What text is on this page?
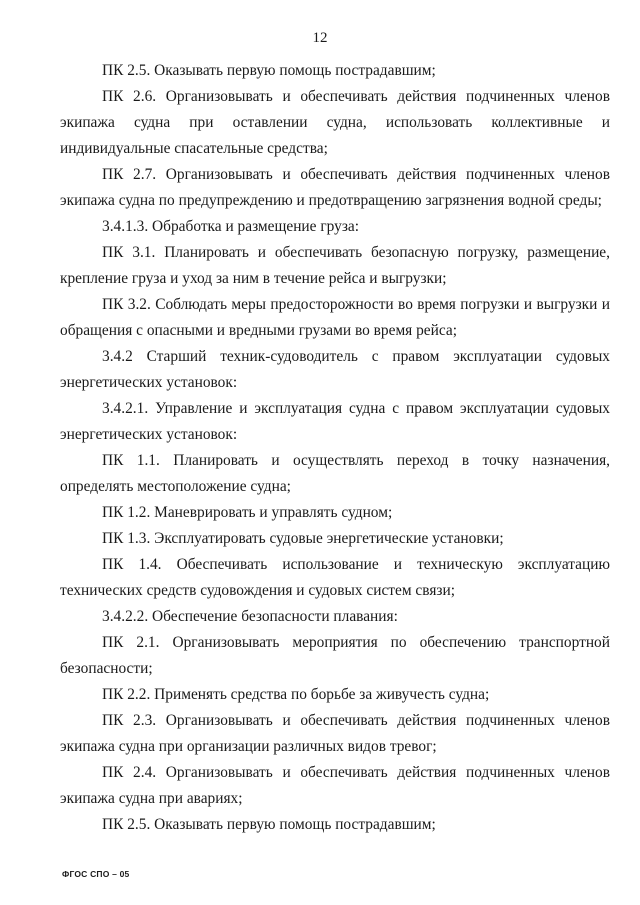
12

ПК 2.5. Оказывать первую помощь пострадавшим;

ПК 2.6. Организовывать и обеспечивать действия подчиненных членов экипажа судна при оставлении судна, использовать коллективные и индивидуальные спасательные средства;

ПК 2.7. Организовывать и обеспечивать действия подчиненных членов экипажа судна по предупреждению и предотвращению загрязнения водной среды;

3.4.1.3. Обработка и размещение груза:

ПК 3.1. Планировать и обеспечивать безопасную погрузку, размещение, крепление груза и уход за ним в течение рейса и выгрузки;

ПК 3.2. Соблюдать меры предосторожности во время погрузки и выгрузки и обращения с опасными и вредными грузами во время рейса;

3.4.2 Старший техник-судоводитель с правом эксплуатации судовых энергетических установок:

3.4.2.1. Управление и эксплуатация судна с правом эксплуатации судовых энергетических установок:

ПК 1.1. Планировать и осуществлять переход в точку назначения, определять местоположение судна;

ПК 1.2. Маневрировать и управлять судном;

ПК 1.3. Эксплуатировать судовые энергетические установки;

ПК 1.4. Обеспечивать использование и техническую эксплуатацию технических средств судовождения и судовых систем связи;

3.4.2.2. Обеспечение безопасности плавания:

ПК 2.1. Организовывать мероприятия по обеспечению транспортной безопасности;

ПК 2.2. Применять средства по борьбе за живучесть судна;

ПК 2.3. Организовывать и обеспечивать действия подчиненных членов экипажа судна при организации различных видов тревог;

ПК 2.4. Организовывать и обеспечивать действия подчиненных членов экипажа судна при авариях;

ПК 2.5. Оказывать первую помощь пострадавшим;

ФГОС СПО – 05
